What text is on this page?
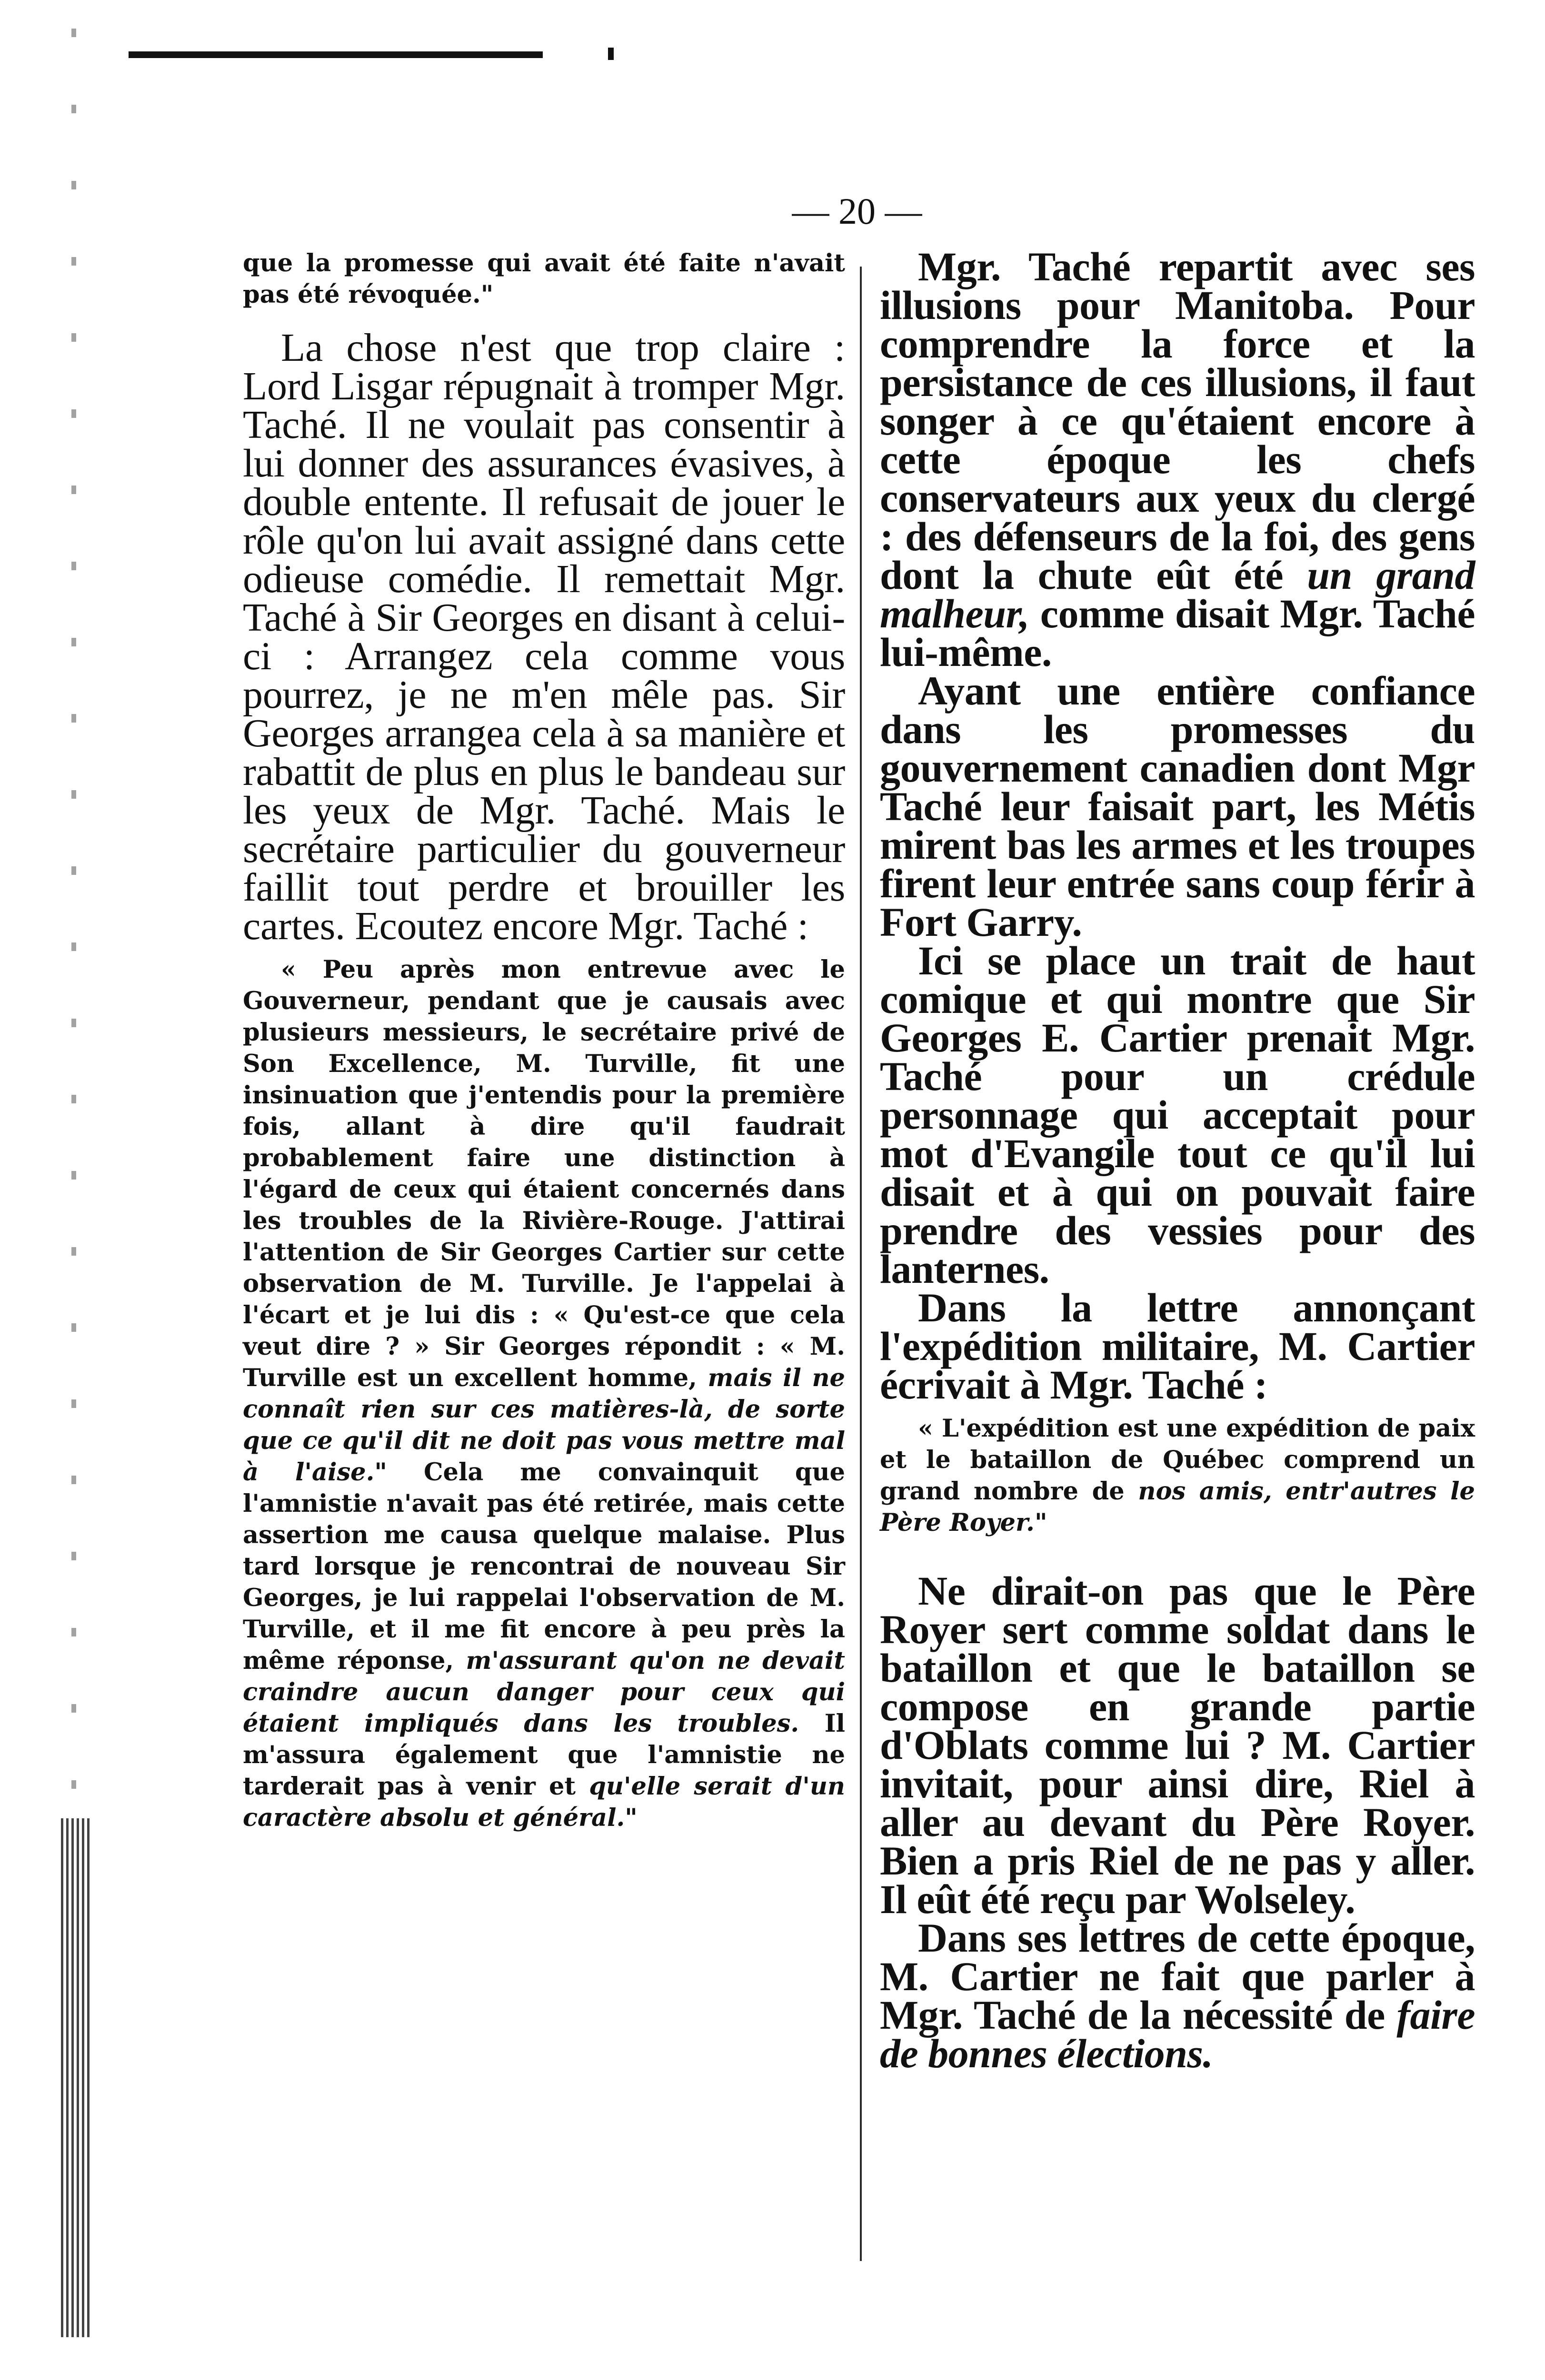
— 20 —

que la promesse qui avait été faite n'avait pas été révoquée."

La chose n'est que trop claire : Lord Lisgar répugnait à tromper Mgr. Taché. Il ne voulait pas consentir à lui donner des assurances évasives, à double entente. Il refusait de jouer le rôle qu'on lui avait assigné dans cette odieuse comédie. Il remettait Mgr. Taché à Sir Georges en disant à celui-ci : Arrangez cela comme vous pourrez, je ne m'en mêle pas. Sir Georges arrangea cela à sa manière et rabattit de plus en plus le bandeau sur les yeux de Mgr. Taché. Mais le secrétaire particulier du gouverneur faillit tout perdre et brouiller les cartes. Ecoutez encore Mgr. Taché :

« Peu après mon entrevue avec le Gouverneur, pendant que je causais avec plusieurs messieurs, le secrétaire privé de Son Excellence, M. Turville, fit une insinuation que j'entendis pour la première fois, allant à dire qu'il faudrait probablement faire une distinction à l'égard de ceux qui étaient concernés dans les troubles de la Rivière-Rouge. J'attirai l'attention de Sir Georges Cartier sur cette observation de M. Turville. Je l'appelai à l'écart et je lui dis : « Qu'est-ce que cela veut dire ? » Sir Georges répondit : « M. Turville est un excellent homme, mais il ne connaît rien sur ces matières-là, de sorte que ce qu'il dit ne doit pas vous mettre mal à l'aise." Cela me convainquit que l'amnistie n'avait pas été retirée, mais cette assertion me causa quelque malaise. Plus tard lorsque je rencontrai de nouveau Sir Georges, je lui rappelai l'observation de M. Turville, et il me fit encore à peu près la même réponse, m'assurant qu'on ne devait craindre aucun danger pour ceux qui étaient impliqués dans les troubles. Il m'assura également que l'amnistie ne tarderait pas à venir et qu'elle serait d'un caractère absolu et général."

Mgr. Taché repartit avec ses illusions pour Manitoba. Pour comprendre la force et la persistance de ces illusions, il faut songer à ce qu'étaient encore à cette époque les chefs conservateurs aux yeux du clergé : des défenseurs de la foi, des gens dont la chute eût été un grand malheur, comme disait Mgr. Taché lui-même.

Ayant une entière confiance dans les promesses du gouvernement canadien dont Mgr Taché leur faisait part, les Métis mirent bas les armes et les troupes firent leur entrée sans coup férir à Fort Garry.

Ici se place un trait de haut comique et qui montre que Sir Georges E. Cartier prenait Mgr. Taché pour un crédule personnage qui acceptait pour mot d'Evangile tout ce qu'il lui disait et à qui on pouvait faire prendre des vessies pour des lanternes.

Dans la lettre annonçant l'expédition militaire, M. Cartier écrivait à Mgr. Taché :

« L'expédition est une expédition de paix et le bataillon de Québec comprend un grand nombre de nos amis, entr'autres le Père Royer."

Ne dirait-on pas que le Père Royer sert comme soldat dans le bataillon et que le bataillon se compose en grande partie d'Oblats comme lui ? M. Cartier invitait, pour ainsi dire, Riel à aller au devant du Père Royer. Bien a pris Riel de ne pas y aller. Il eût été reçu par Wolseley.

Dans ses lettres de cette époque, M. Cartier ne fait que parler à Mgr. Taché de la nécessité de faire de bonnes élections.
